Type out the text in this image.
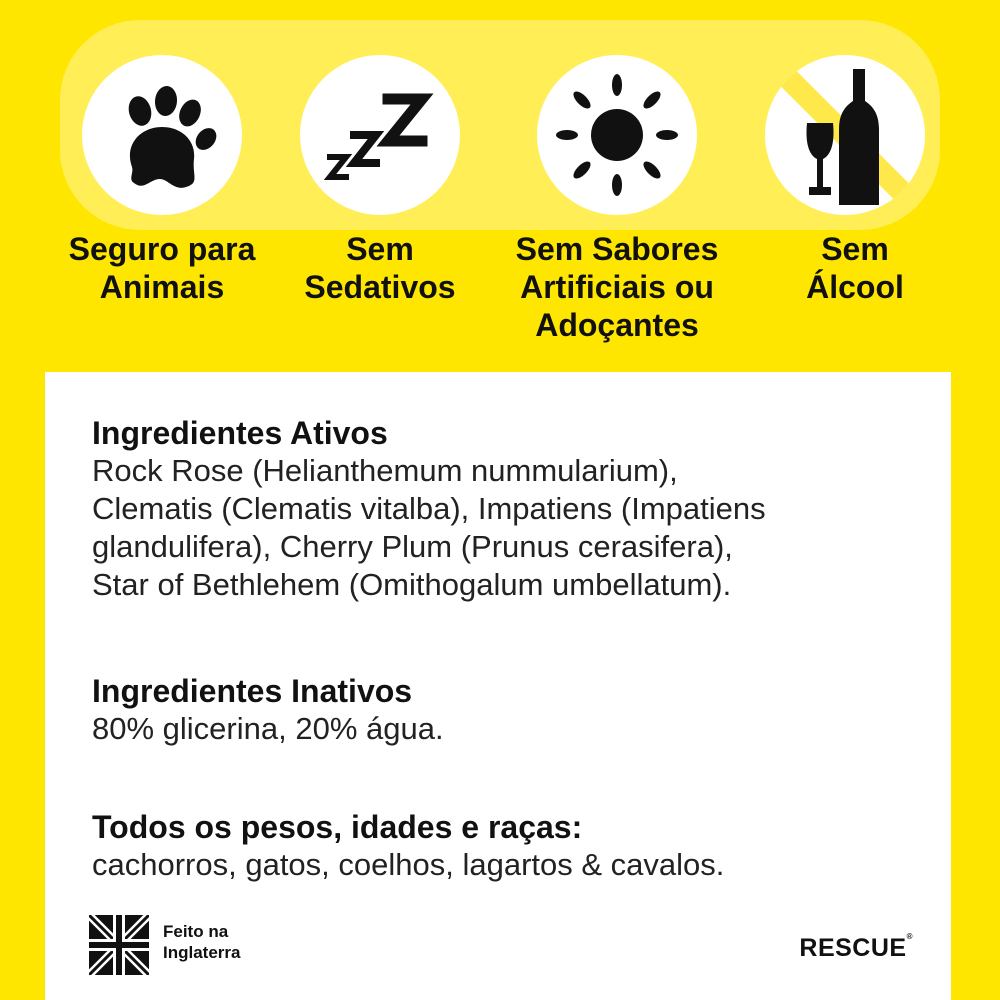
Seguro para
Animais
Sem
Sedativos
Sem Sabores
Artificiais ou
Adoçantes
Sem
Álcool
Ingredientes Ativos
Rock Rose (Helianthemum nummularium),
Clematis (Clematis vitalba), Impatiens (Impatiens
glandulifera), Cherry Plum (Prunus cerasifera),
Star of Bethlehem (Omithogalum umbellatum).
Ingredientes Inativos
80% glicerina, 20% água.
Todos os pesos, idades e raças:
cachorros, gatos, coelhos, lagartos & cavalos.
Feito na
Inglaterra	RESCUE®
